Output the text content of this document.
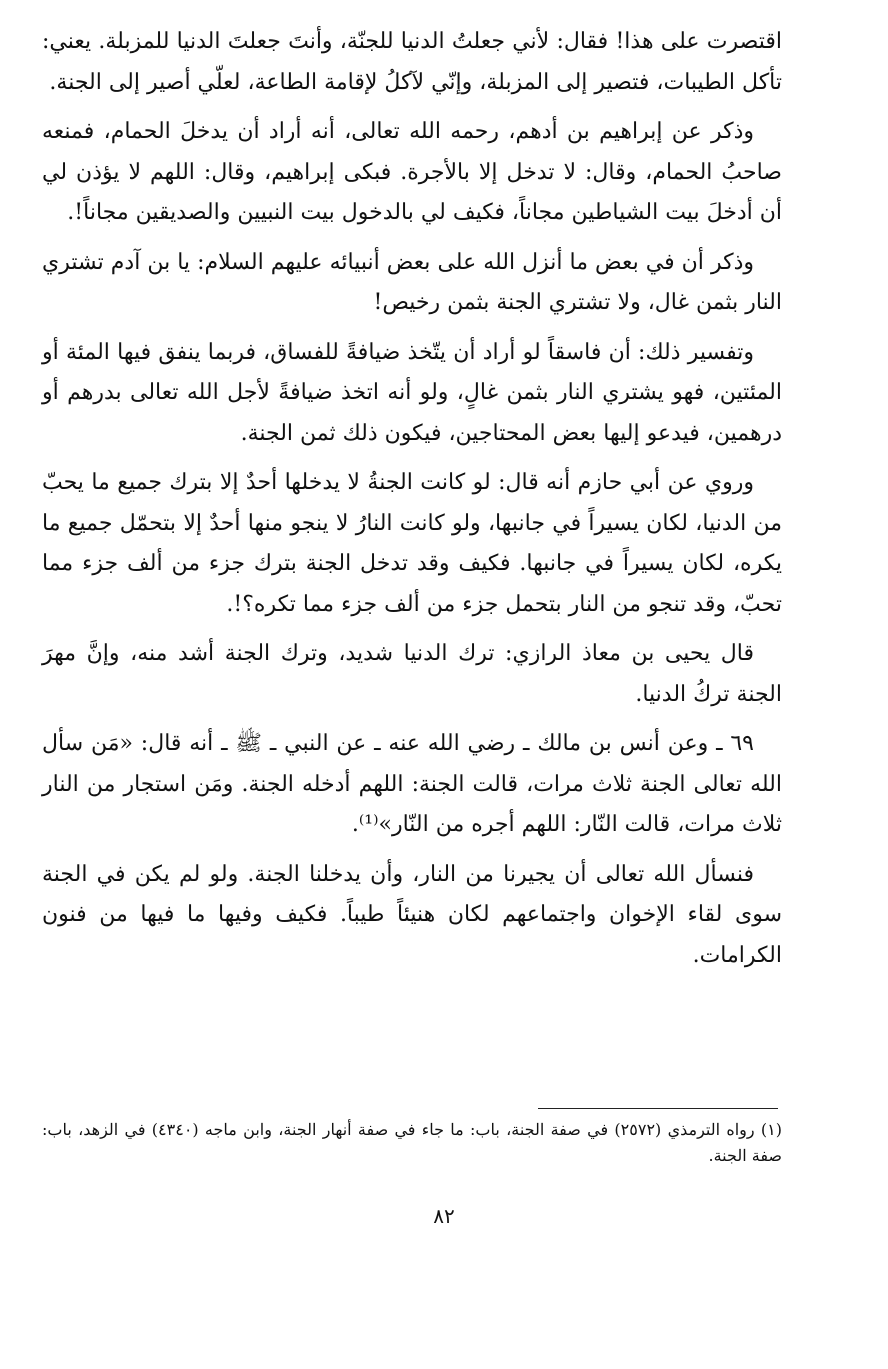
اقتصرت على هذا! فقال: لأني جعلتُ الدنيا للجنّة، وأنتَ جعلتَ الدنيا للمزبلة. يعني: تأكل الطيبات، فتصير إلى المزبلة، وإنّي لآكلُ لإقامة الطاعة، لعلّي أصير إلى الجنة.

وذكر عن إبراهيم بن أدهم، رحمه الله تعالى، أنه أراد أن يدخلَ الحمام، فمنعه صاحبُ الحمام، وقال: لا تدخل إلا بالأجرة. فبكى إبراهيم، وقال: اللهم لا يؤذن لي أن أدخلَ بيت الشياطين مجاناً، فكيف لي بالدخول بيت النبيين والصديقين مجاناً!.

وذكر أن في بعض ما أنزل الله على بعض أنبيائه عليهم السلام: يا بن آدم تشتري النار بثمن غال، ولا تشتري الجنة بثمن رخيص!

وتفسير ذلك: أن فاسقاً لو أراد أن يتّخذ ضيافةً للفساق، فربما ينفق فيها المئة أو المئتين، فهو يشتري النار بثمن غالٍ، ولو أنه اتخذ ضيافةً لأجل الله تعالى بدرهم أو درهمين، فيدعو إليها بعض المحتاجين، فيكون ذلك ثمن الجنة.

وروي عن أبي حازم أنه قال: لو كانت الجنةُ لا يدخلها أحدٌ إلا بترك جميع ما يحبّ من الدنيا، لكان يسيراً في جانبها، ولو كانت النارُ لا ينجو منها أحدٌ إلا بتحمّل جميع ما يكره، لكان يسيراً في جانبها. فكيف وقد تدخل الجنة بترك جزء من ألف جزء مما تحبّ، وقد تنجو من النار بتحمل جزء من ألف جزء مما تكره؟!.

قال يحيى بن معاذ الرازي: ترك الدنيا شديد، وترك الجنة أشد منه، وإنَّ مهرَ الجنة تركُ الدنيا.

٦٩ ـ وعن أنس بن مالك ـ رضي الله عنه ـ عن النبي ـ ﷺ ـ أنه قال: «مَن سأل الله تعالى الجنة ثلاث مرات، قالت الجنة: اللهم أدخله الجنة. ومَن استجار من النار ثلاث مرات، قالت النّار: اللهم أجره من النّار»⁽¹⁾.

فنسأل الله تعالى أن يجيرنا من النار، وأن يدخلنا الجنة. ولو لم يكن في الجنة سوى لقاء الإخوان واجتماعهم لكان هنيئاً طيباً. فكيف وفيها ما فيها من فنون الكرامات.

(١) رواه الترمذي (٢٥٧٢) في صفة الجنة، باب: ما جاء في صفة أنهار الجنة، وابن ماجه (٤٣٤٠) في الزهد، باب: صفة الجنة.

٨٢
